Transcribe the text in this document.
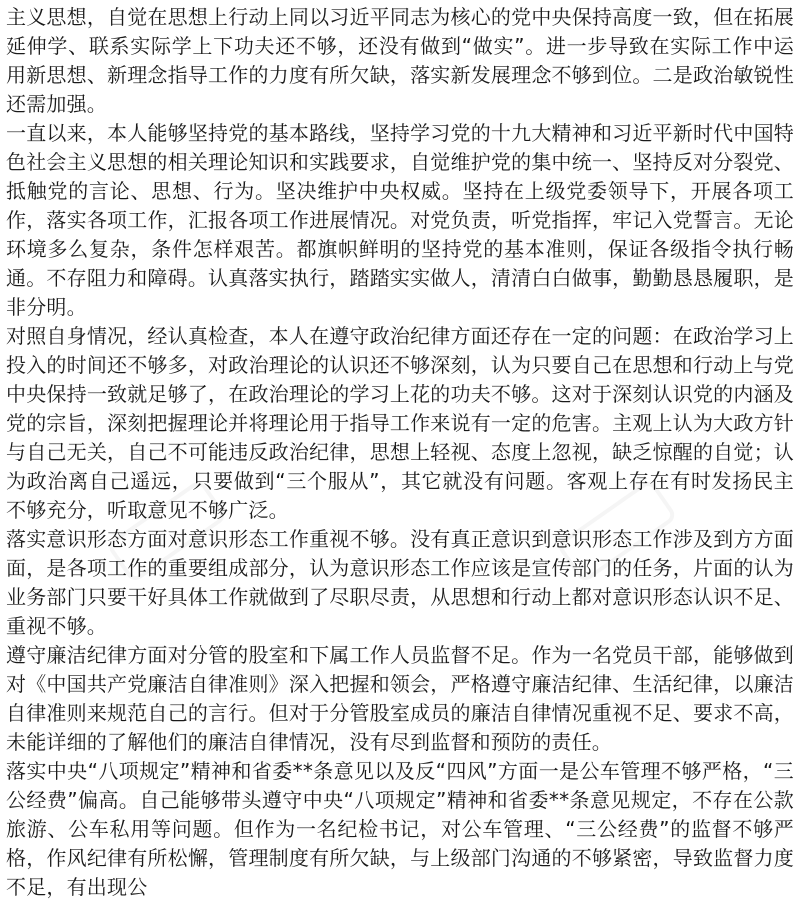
主义思想，自觉在思想上行动上同以习近平同志为核心的党中央保持高度一致，但在拓展延伸学、联系实际学上下功夫还不够，还没有做到“做实”。进一步导致在实际工作中运用新思想、新理念指导工作的力度有所欠缺，落实新发展理念不够到位。二是政治敏锐性还需加强。

一直以来，本人能够坚持党的基本路线，坚持学习党的十九大精神和习近平新时代中国特色社会主义思想的相关理论知识和实践要求，自觉维护党的集中统一、坚持反对分裂党、抵触党的言论、思想、行为。坚决维护中央权威。坚持在上级党委领导下，开展各项工作，落实各项工作，汇报各项工作进展情况。对党负责，听党指挥，牢记入党誓言。无论环境多么复杂，条件怎样艰苦。都旗帜鲜明的坚持党的基本准则，保证各级指令执行畅通。不存阻力和障碍。认真落实执行，踏踏实实做人，清清白白做事，勤勤恳恳履职，是非分明。

对照自身情况，经认真检查，本人在遵守政治纪律方面还存在一定的问题：在政治学习上投入的时间还不够多，对政治理论的认识还不够深刻，认为只要自己在思想和行动上与党中央保持一致就足够了，在政治理论的学习上花的功夫不够。这对于深刻认识党的内涵及党的宗旨，深刻把握理论并将理论用于指导工作来说有一定的危害。主观上认为大政方针与自己无关，自己不可能违反政治纪律，思想上轻视、态度上忽视，缺乏惊醒的自觉；认为政治离自己遥远，只要做到“三个服从”，其它就没有问题。客观上存在有时发扬民主不够充分，听取意见不够广泛。

落实意识形态方面对意识形态工作重视不够。没有真正意识到意识形态工作涉及到方方面面，是各项工作的重要组成部分，认为意识形态工作应该是宣传部门的任务，片面的认为业务部门只要干好具体工作就做到了尽职尽责，从思想和行动上都对意识形态认识不足、重视不够。

遵守廉洁纪律方面对分管的股室和下属工作人员监督不足。作为一名党员干部，能够做到对《中国共产党廉洁自律准则》深入把握和领会，严格遵守廉洁纪律、生活纪律，以廉洁自律准则来规范自己的言行。但对于分管股室成员的廉洁自律情况重视不足、要求不高，未能详细的了解他们的廉洁自律情况，没有尽到监督和预防的责任。

落实中央“八项规定”精神和省委**条意见以及反“四风”方面一是公车管理不够严格，“三公经费”偏高。自己能够带头遵守中央“八项规定”精神和省委**条意见规定，不存在公款旅游、公车私用等问题。但作为一名纪检书记，对公车管理、“三公经费”的监督不够严格，作风纪律有所松懈，管理制度有所欠缺，与上级部门沟通的不够紧密，导致监督力度不足，有出现公
